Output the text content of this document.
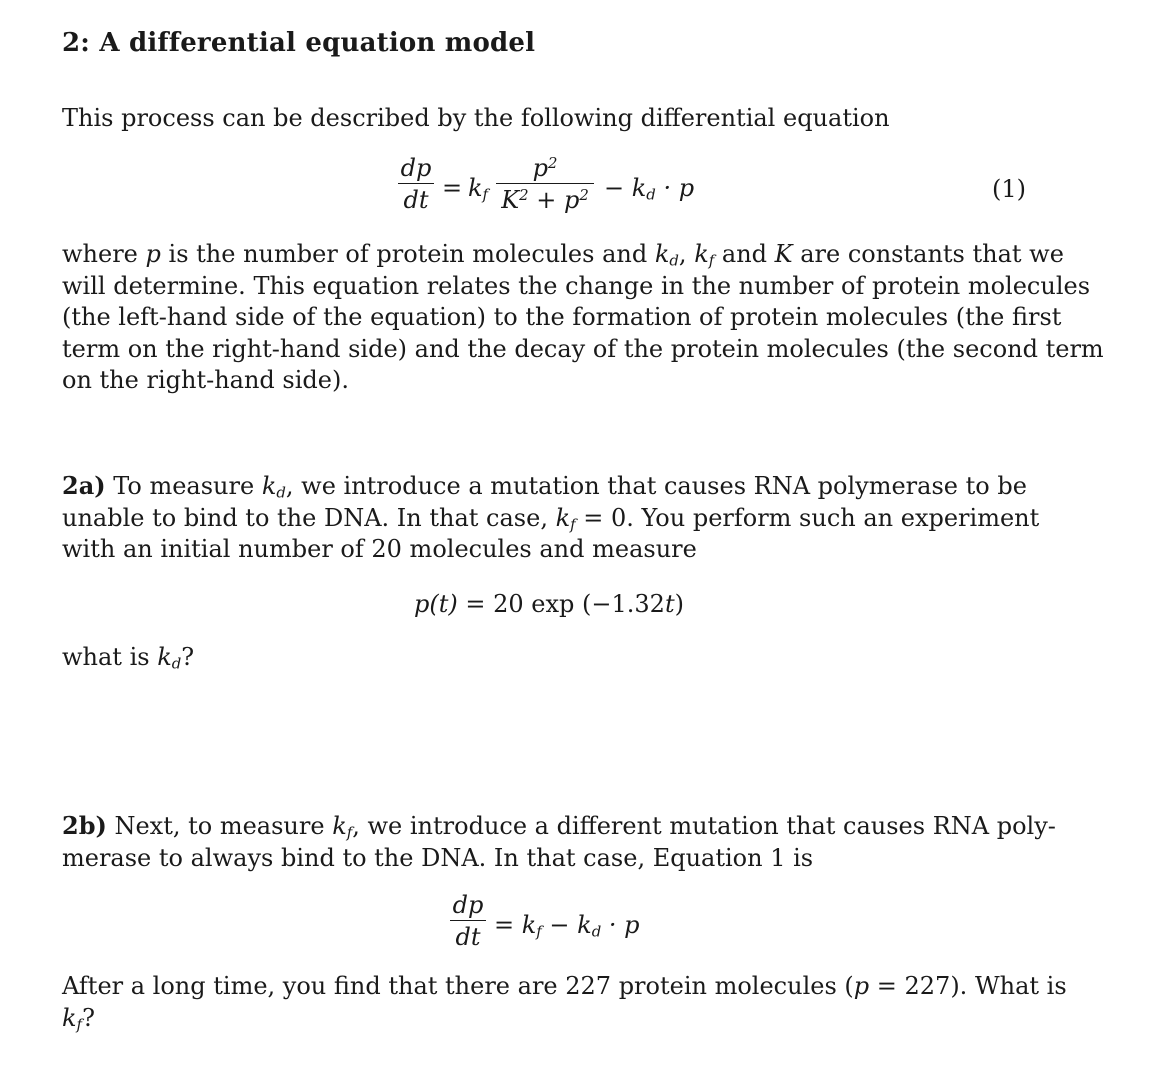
2: A differential equation model
This process can be described by the following differential equation
dp
dt = $k_f$
$p^2$
$K^2 + p^2 - k_d \cdot p$	(1)
where p is the number of protein molecules and $k_d$, $k_f$ and K are constants that we
will determine. This equation relates the change in the number of protein molecules
(the left-hand side of the equation) to the formation of protein molecules (the first
term on the right-hand side) and the decay of the protein molecules (the second term
on the right-hand side).
2a) To measure $k_d$, we introduce a mutation that causes RNA polymerase to be
unable to bind to the DNA. In that case, $k_f = 0$. You perform such an experiment
with an initial number of 20 molecules and measure
p(t) = 20 exp (−1.32t)
what is $k_d$?
2b) Next, to measure $k_f$, we introduce a different mutation that causes RNA poly-
merase to always bind to the DNA. In that case, Equation 1 is
dp
dt = $k_f - k_d \cdot p$
After a long time, you find that there are 227 protein molecules (p = 227). What is
$k_f$?
